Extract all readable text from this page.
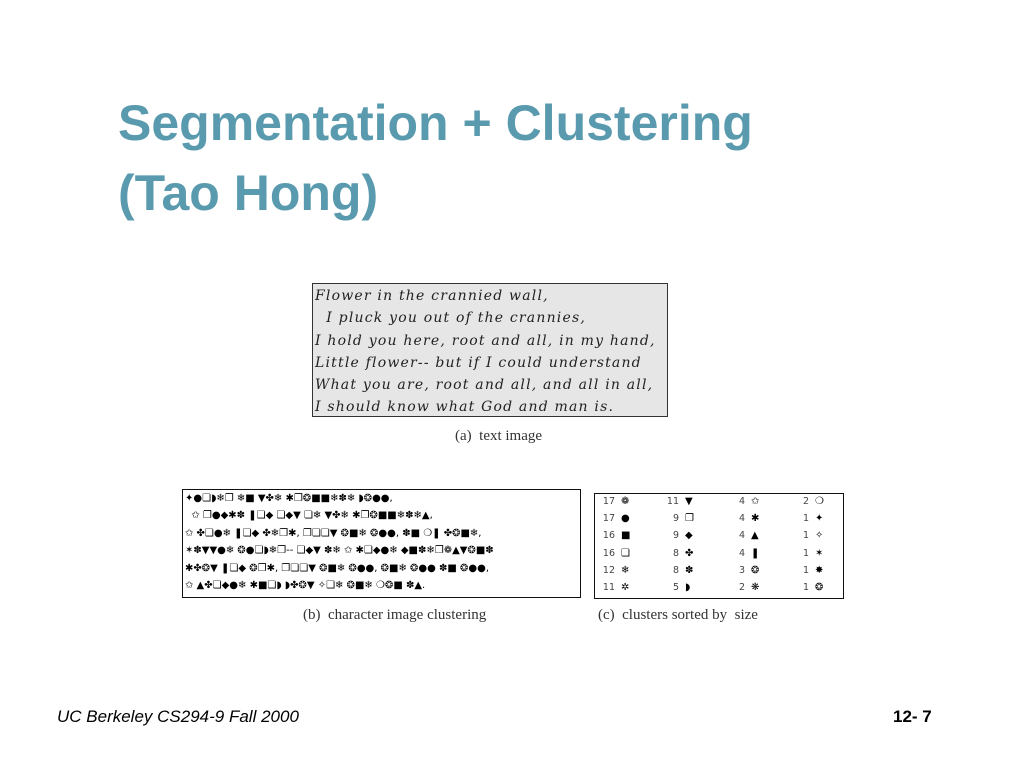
Segmentation + Clustering
(Tao Hong)
Flower in the crannied wall,
I pluck you out of the crannies,
I hold you here, root and all, in my hand,
Little flower-- but if I could understand
What you are, root and all, and all in all,
I should know what God and man is.
(a)  text image
✦●❏◗❄❐ ❄■ ▼✤❄ ✱❐❂■■❄✽❄ ◗❂●●,
✩ ❐●◆✱✽ ❚❏◆ ❏◆▼ ❏❄ ▼✤❄ ✱❐❂■■❄✽❄▲,
✩ ✤❏●❄ ❚❏◆ ✤❄❐✱, ❐❏❏▼ ❂■❄ ❂●●, ✽■ ❍❚ ✤❂■❄,
✶✽▼▼●❄ ❂●❏◗❄❐-- ❏◆▼ ✽❄ ✩ ✱❏◆●❄ ◆■✽❄❐❁▲▼❂■✽
✱✤❂▼ ❚❏◆ ❂❐✱, ❐❏❏▼ ❂■❄ ❂●●, ❂■❄ ❂●● ✽■ ❂●●,
✩ ▲✤❏◆●❄ ✱■❏◗ ◗✤❂▼ ✧❏❄ ❂■❄ ❍❂■ ✽▲.
(b)  character image clustering
17 ❁	11 ▼	4 ✩	2 ❍
17 ●	9 ❐	4 ✱	1 ✦
16 ■	9 ◆	4 ▲	1 ✧
16 ❏	8 ✤	4 ❚	1 ✶
12 ❄	8 ✽	3 ❂	1 ✸
11 ✲	5 ◗	2 ❋	1 ❂
(c)  clusters sorted by  size
UC Berkeley CS294-9 Fall 2000	12- 7
